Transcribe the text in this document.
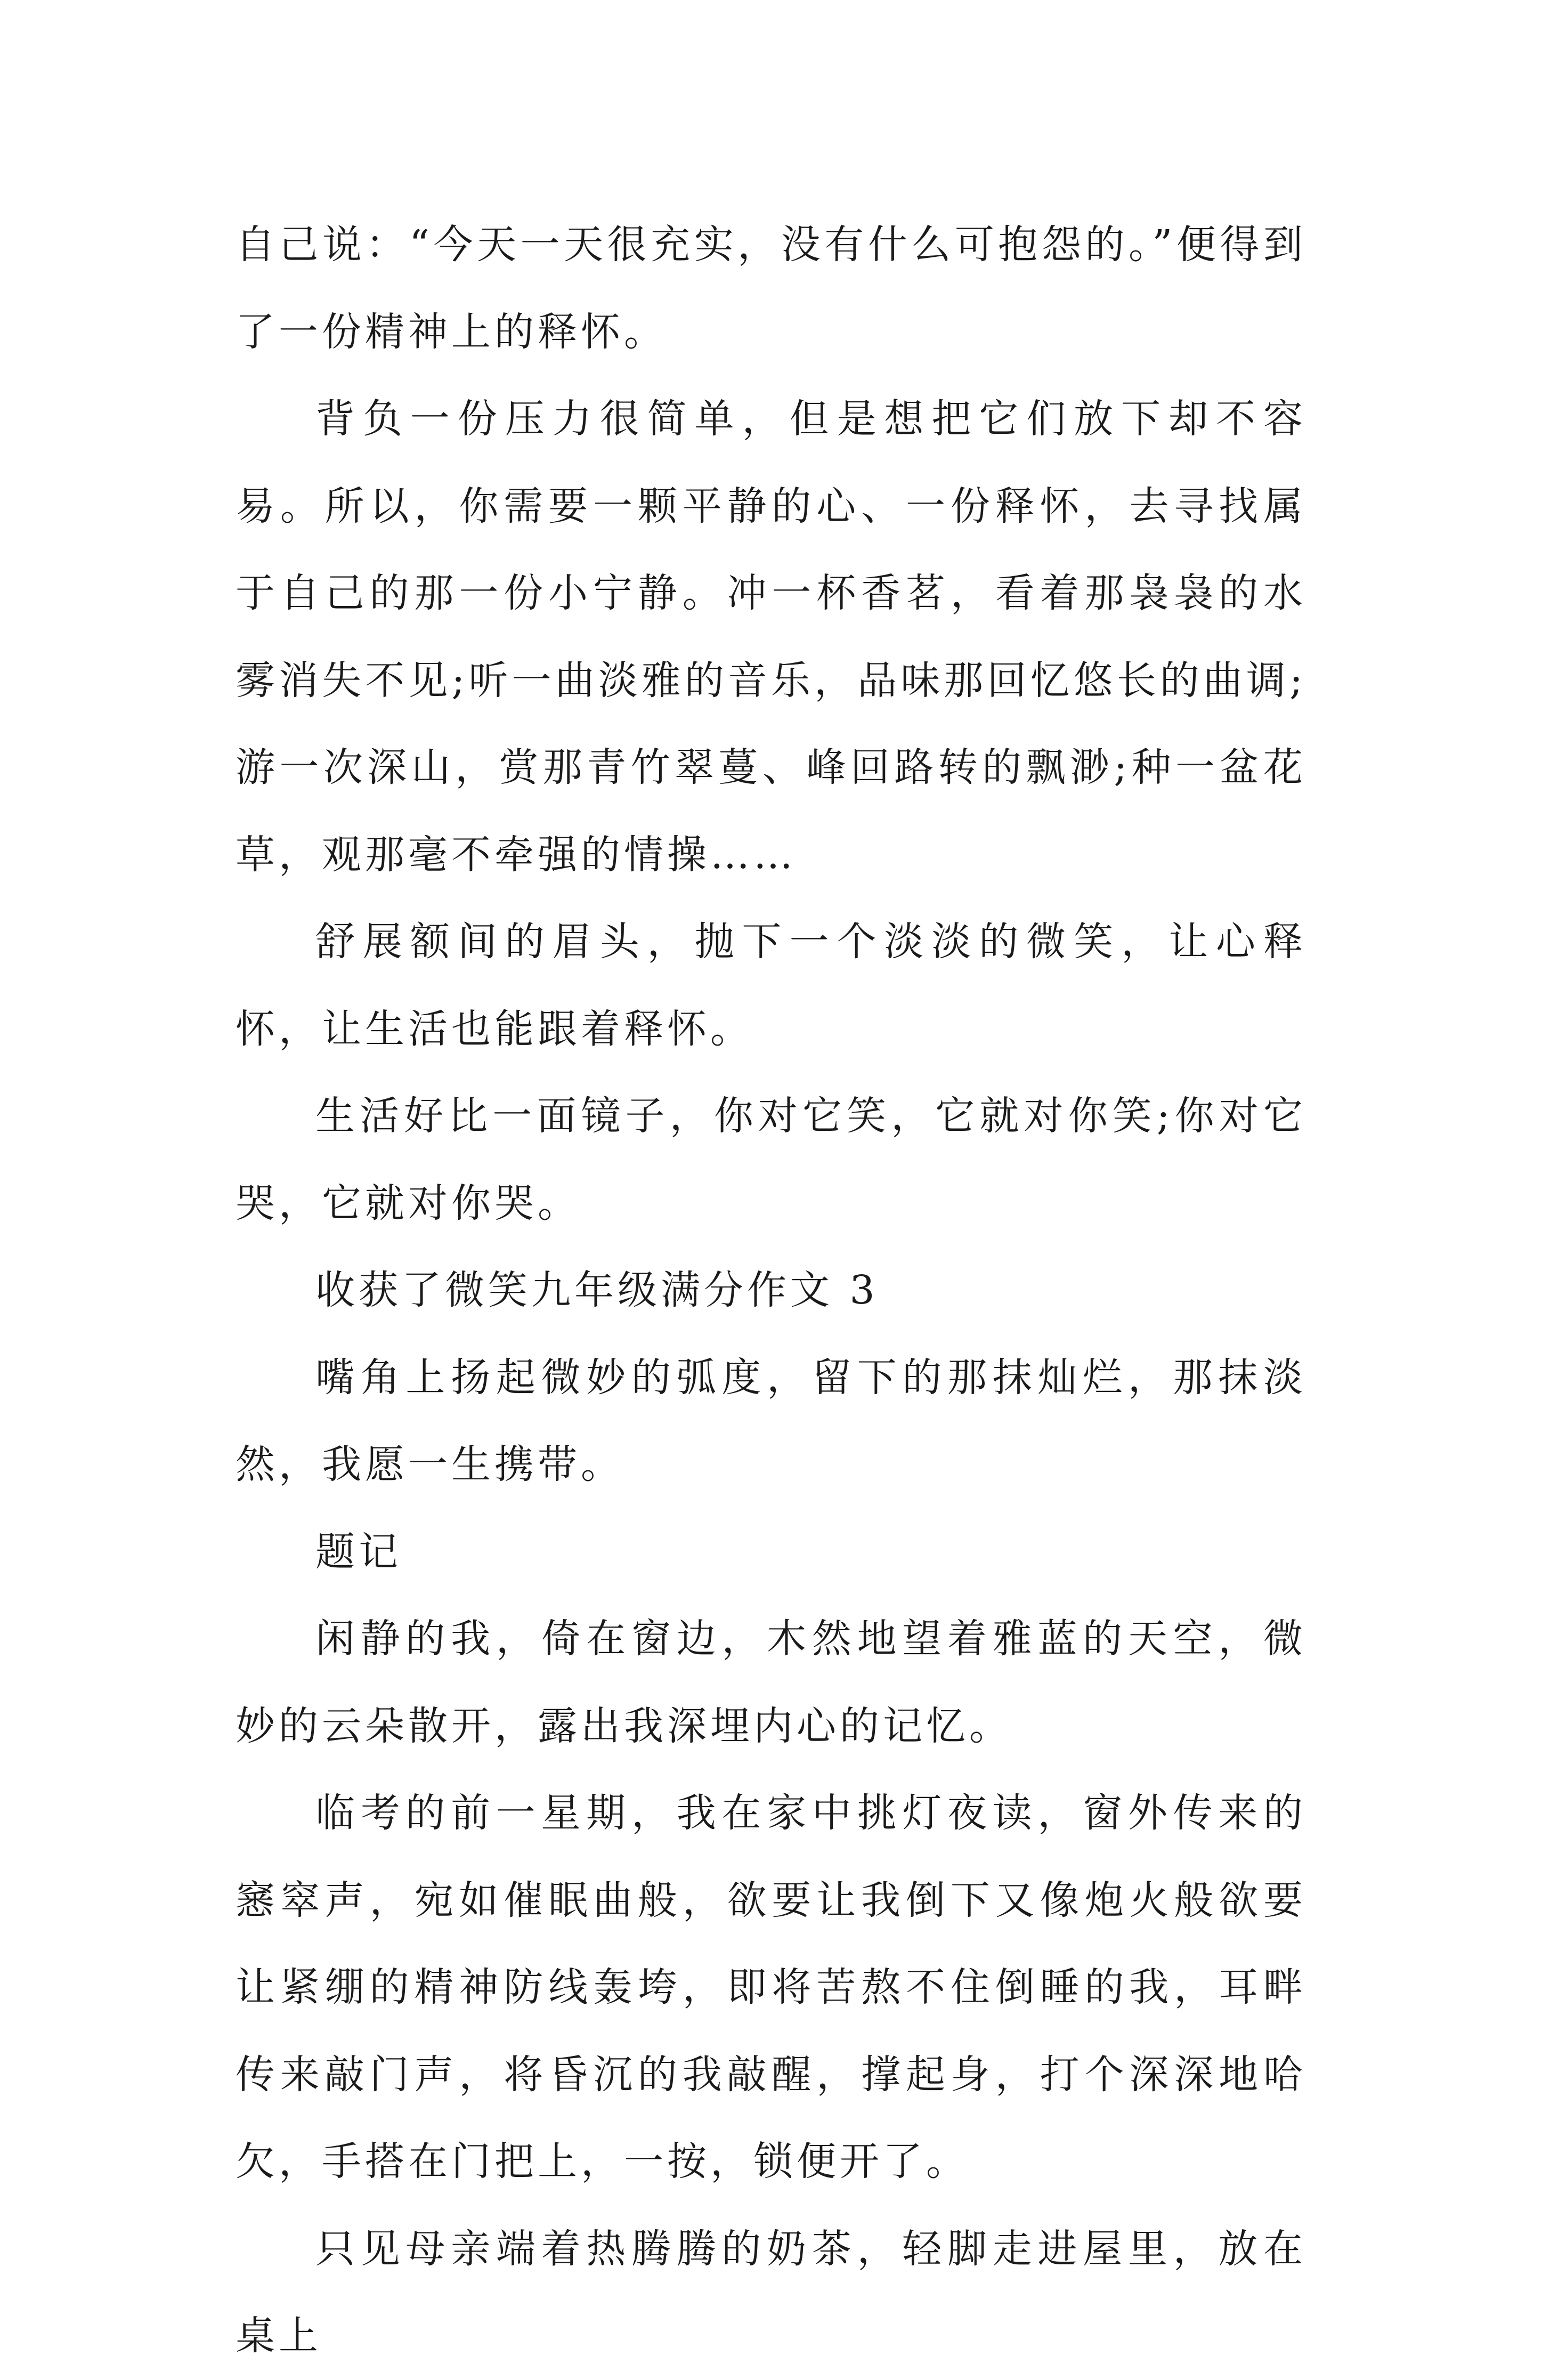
自己说：“今天一天很充实，没有什么可抱怨的。”便得到了一份精神上的释怀。

背负一份压力很简单，但是想把它们放下却不容易。所以，你需要一颗平静的心、一份释怀，去寻找属于自己的那一份小宁静。冲一杯香茗，看着那袅袅的水雾消失不见;听一曲淡雅的音乐，品味那回忆悠长的曲调;游一次深山，赏那青竹翠蔓、峰回路转的飘渺;种一盆花草，观那毫不牵强的情操……

舒展额间的眉头，抛下一个淡淡的微笑，让心释怀，让生活也能跟着释怀。

生活好比一面镜子，你对它笑，它就对你笑;你对它哭，它就对你哭。

收获了微笑九年级满分作文 3

嘴角上扬起微妙的弧度，留下的那抹灿烂，那抹淡然，我愿一生携带。

题记

闲静的我，倚在窗边，木然地望着雅蓝的天空，微妙的云朵散开，露出我深埋内心的记忆。

临考的前一星期，我在家中挑灯夜读，窗外传来的窸窣声，宛如催眠曲般，欲要让我倒下又像炮火般欲要让紧绷的精神防线轰垮，即将苦熬不住倒睡的我，耳畔传来敲门声，将昏沉的我敲醒，撑起身，打个深深地哈欠，手搭在门把上，一按，锁便开了。

只见母亲端着热腾腾的奶茶，轻脚走进屋里，放在桌上
